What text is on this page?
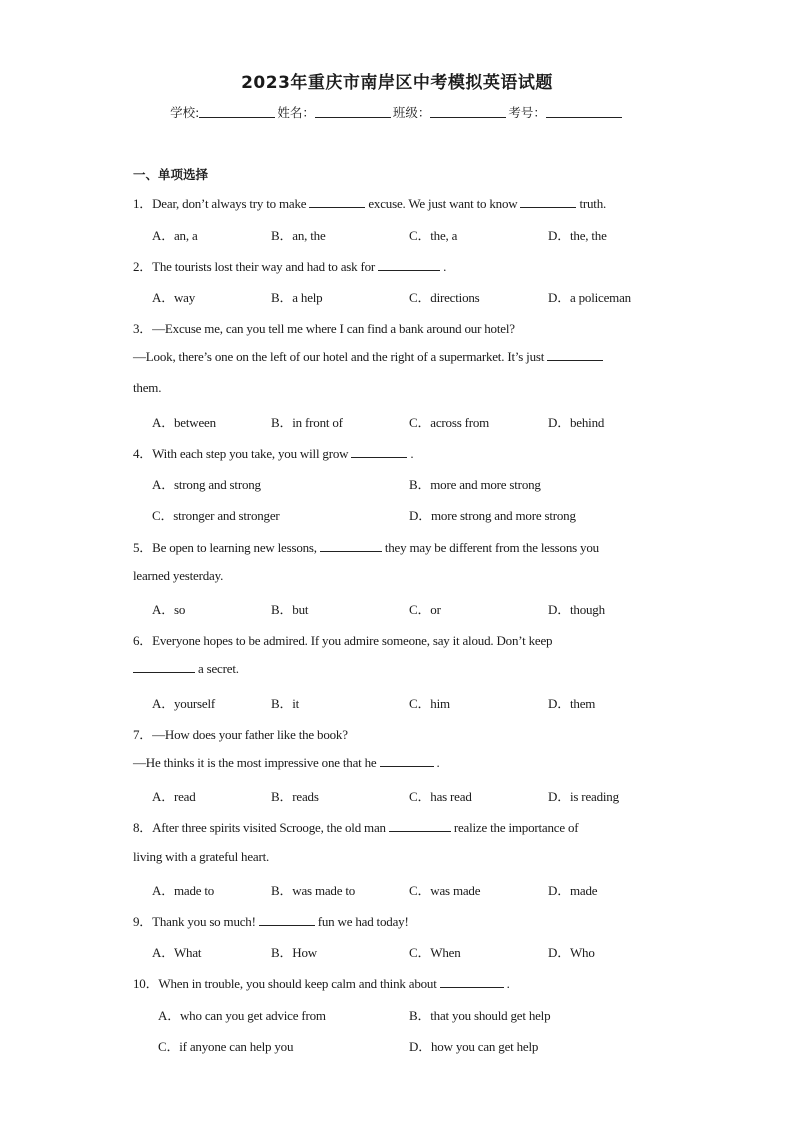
2023年重庆市南岸区中考模拟英语试题
学校:	姓名：	班级：	考号：
一、单项选择
1．Dear, don’t always try to make	excuse. We just want to know	truth.
A．an, a	B．an, the	C．the, a	D．the, the
2．The tourists lost their way and had to ask for	.
A．way	B．a help	C．directions	D．a policeman
3．—Excuse me, can you tell me where I can find a bank around our hotel?
—Look, there’s one on the left of our hotel and the right of a supermarket. It’s just
them.
A．between	B．in front of	C．across from	D．behind
4．With each step you take, you will grow	.
A．strong and strong	B．more and more strong
C．stronger and stronger	D．more strong and more strong
5．Be open to learning new lessons,	they may be different from the lessons you
learned yesterday.
A．so	B．but	C．or	D．though
6．Everyone hopes to be admired. If you admire someone, say it aloud. Don’t keep
a secret.
A．yourself	B．it	C．him	D．them
7．—How does your father like the book?
—He thinks it is the most impressive one that he	.
A．read	B．reads	C．has read	D．is reading
8．After three spirits visited Scrooge, the old man	realize the importance of
living with a grateful heart.
A．made to	B．was made to	C．was made	D．made
9．Thank you so much!	fun we had today!
A．What	B．How	C．When	D．Who
10．When in trouble, you should keep calm and think about	.
A．who can you get advice from	B．that you should get help
C．if anyone can help you	D．how you can get help
